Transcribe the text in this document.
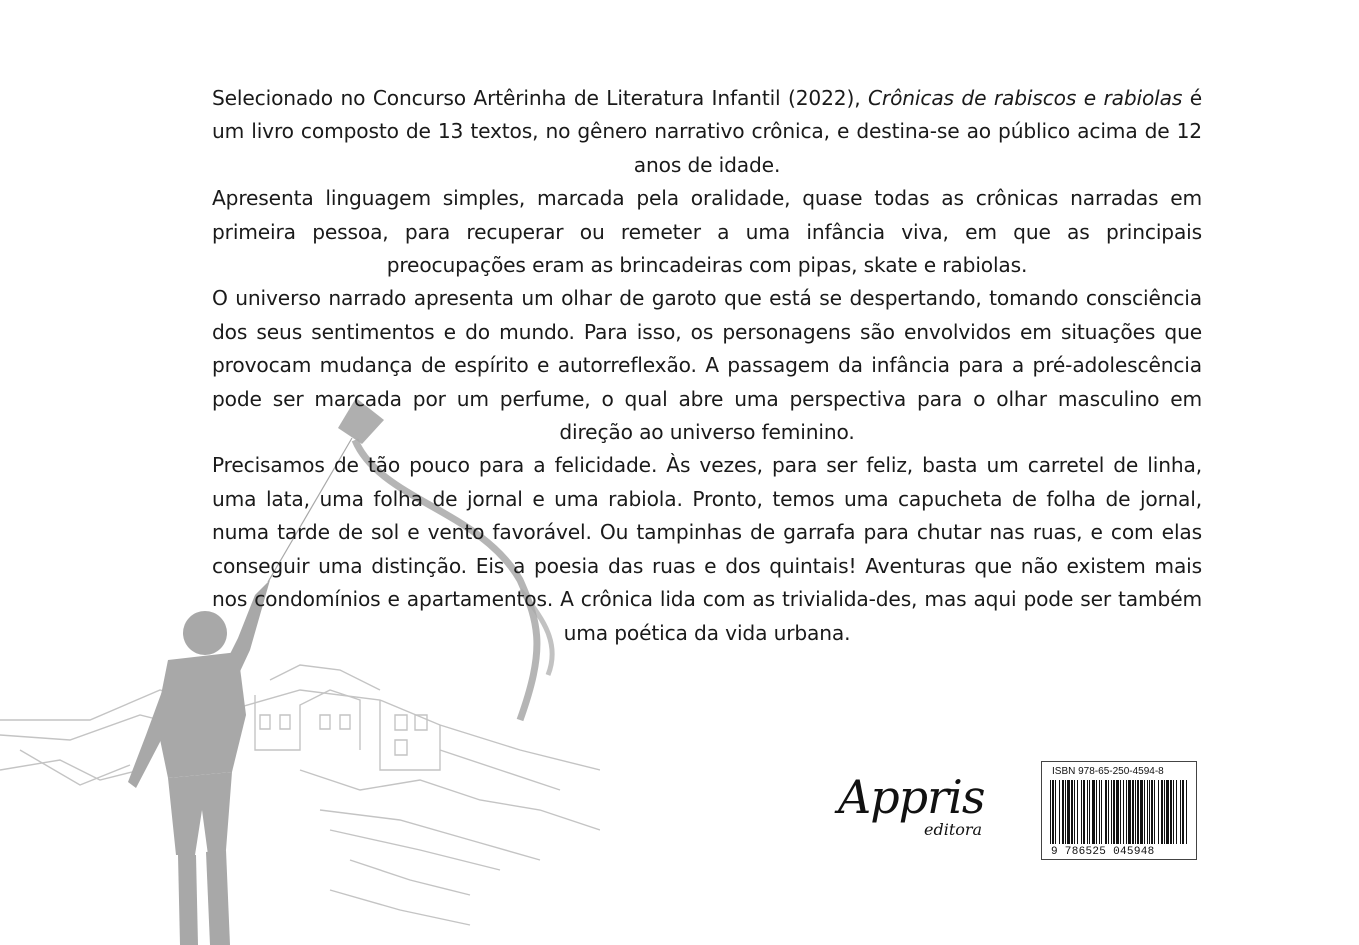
Selecionado no Concurso Artêrinha de Literatura Infantil (2022), Crônicas de rabiscos e rabiolas é um livro composto de 13 textos, no gênero narrativo crônica, e destina-se ao público acima de 12 anos de idade.

Apresenta linguagem simples, marcada pela oralidade, quase todas as crônicas narradas em primeira pessoa, para recuperar ou remeter a uma infância viva, em que as principais preocupações eram as brincadeiras com pipas, skate e rabiolas.

O universo narrado apresenta um olhar de garoto que está se despertando, tomando consciência dos seus sentimentos e do mundo. Para isso, os personagens são envolvidos em situações que provocam mudança de espírito e autorreflexão. A passagem da infância para a pré-adolescência pode ser marcada por um perfume, o qual abre uma perspectiva para o olhar masculino em direção ao universo feminino.

Precisamos de tão pouco para a felicidade. Às vezes, para ser feliz, basta um carretel de linha, uma lata, uma folha de jornal e uma rabiola. Pronto, temos uma capucheta de folha de jornal, numa tarde de sol e vento favorável. Ou tampinhas de garrafa para chutar nas ruas, e com elas conseguir uma distinção. Eis a poesia das ruas e dos quintais! Aventuras que não existem mais nos condomínios e apartamentos. A crônica lida com as trivialida-des, mas aqui pode ser também uma poética da vida urbana.

Appris
editora
ISBN 978-65-250-4594-8
9 786525 045948
